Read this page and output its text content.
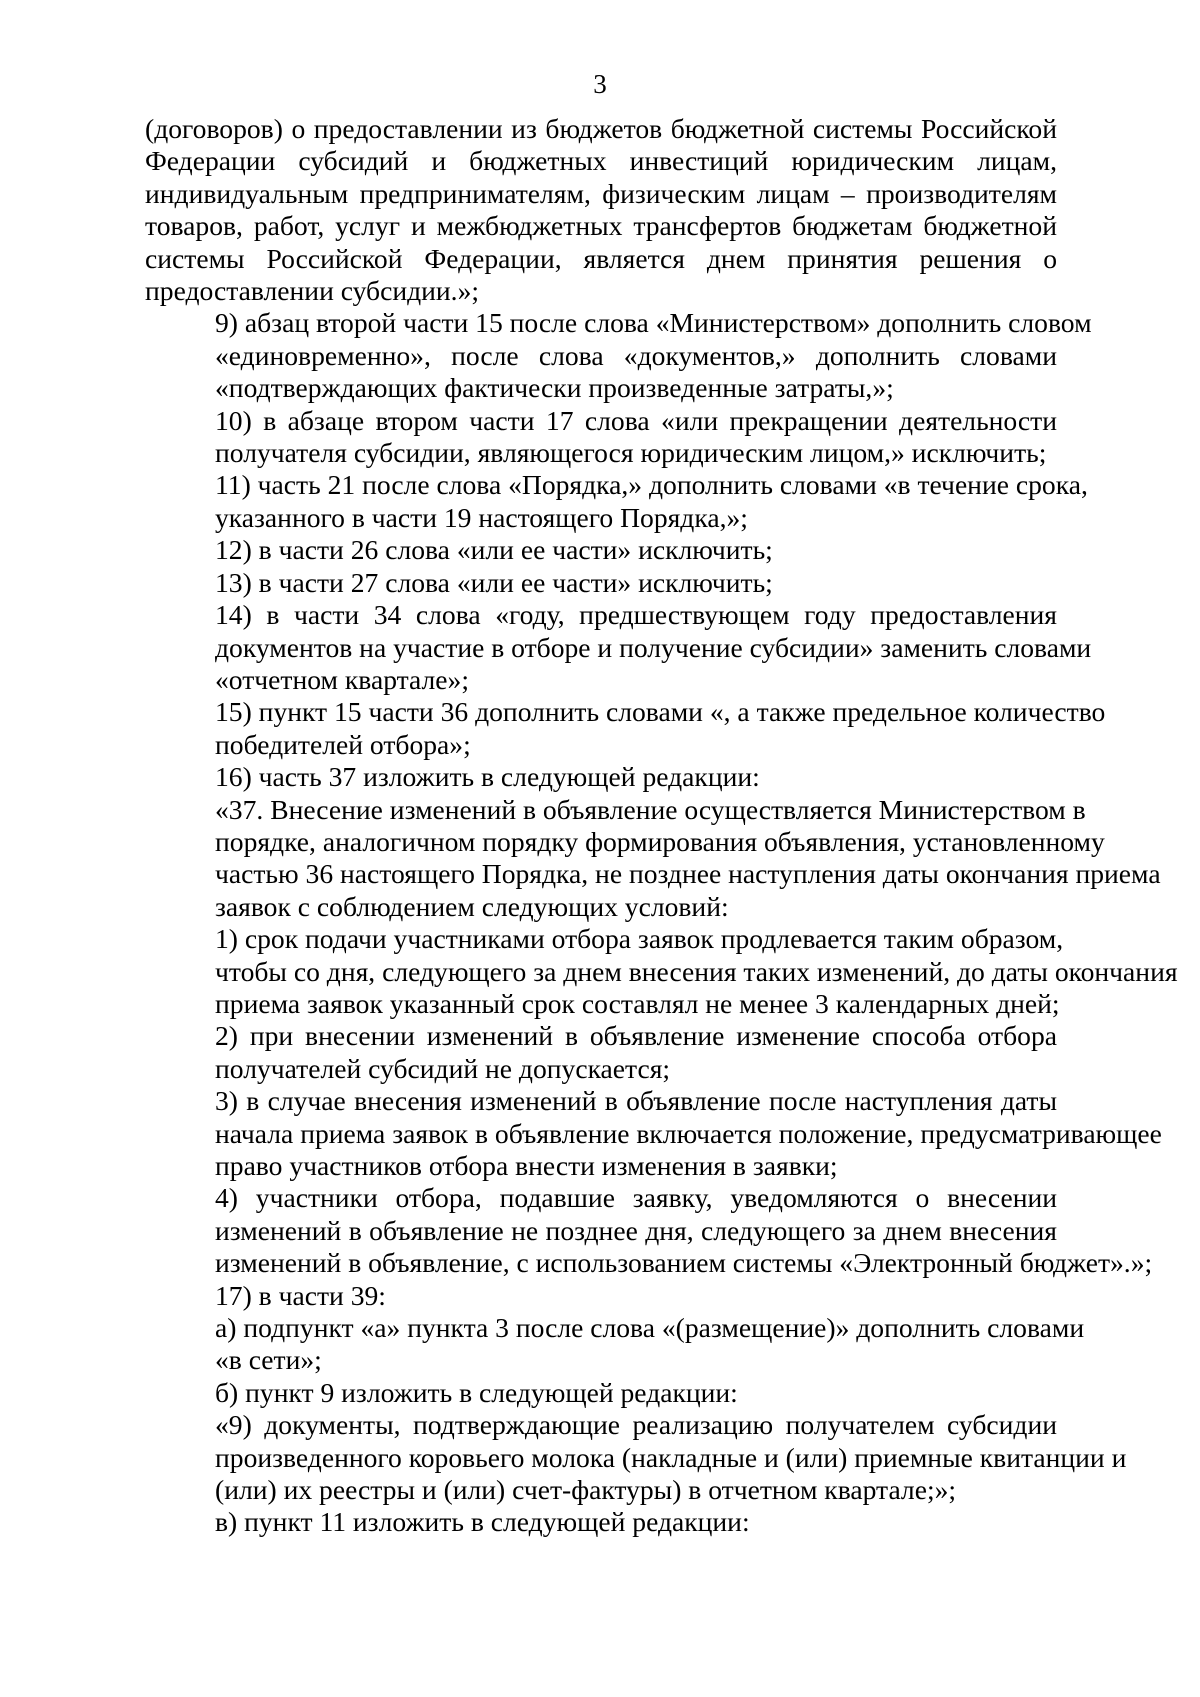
3
(договоров) о предоставлении из бюджетов бюджетной системы Российской
Федерации субсидий и бюджетных инвестиций юридическим лицам,
индивидуальным предпринимателям, физическим лицам – производителям
товаров, работ, услуг и межбюджетных трансфертов бюджетам бюджетной
системы Российской Федерации, является днем принятия решения о
предоставлении субсидии.»;
9) абзац второй части 15 после слова «Министерством» дополнить словом
«единовременно», после слова «документов,» дополнить словами
«подтверждающих фактически произведенные затраты,»;
10) в абзаце втором части 17 слова «или прекращении деятельности
получателя субсидии, являющегося юридическим лицом,» исключить;
11) часть 21 после слова «Порядка,» дополнить словами «в течение срока,
указанного в части 19 настоящего Порядка,»;
12) в части 26 слова «или ее части» исключить;
13) в части 27 слова «или ее части» исключить;
14) в части 34 слова «году, предшествующем году предоставления
документов на участие в отборе и получение субсидии» заменить словами
«отчетном квартале»;
15) пункт 15 части 36 дополнить словами «, а также предельное количество
победителей отбора»;
16) часть 37 изложить в следующей редакции:
«37. Внесение изменений в объявление осуществляется Министерством в
порядке, аналогичном порядку формирования объявления, установленному
частью 36 настоящего Порядка, не позднее наступления даты окончания приема
заявок с соблюдением следующих условий:
1) срок подачи участниками отбора заявок продлевается таким образом,
чтобы со дня, следующего за днем внесения таких изменений, до даты окончания
приема заявок указанный срок составлял не менее 3 календарных дней;
2) при внесении изменений в объявление изменение способа отбора
получателей субсидий не допускается;
3) в случае внесения изменений в объявление после наступления даты
начала приема заявок в объявление включается положение, предусматривающее
право участников отбора внести изменения в заявки;
4) участники отбора, подавшие заявку, уведомляются о внесении
изменений в объявление не позднее дня, следующего за днем внесения
изменений в объявление, с использованием системы «Электронный бюджет».»;
17) в части 39:
а) подпункт «а» пункта 3 после слова «(размещение)» дополнить словами
«в сети»;
б) пункт 9 изложить в следующей редакции:
«9) документы, подтверждающие реализацию получателем субсидии
произведенного коровьего молока (накладные и (или) приемные квитанции и
(или) их реестры и (или) счет-фактуры) в отчетном квартале;»;
в) пункт 11 изложить в следующей редакции:
